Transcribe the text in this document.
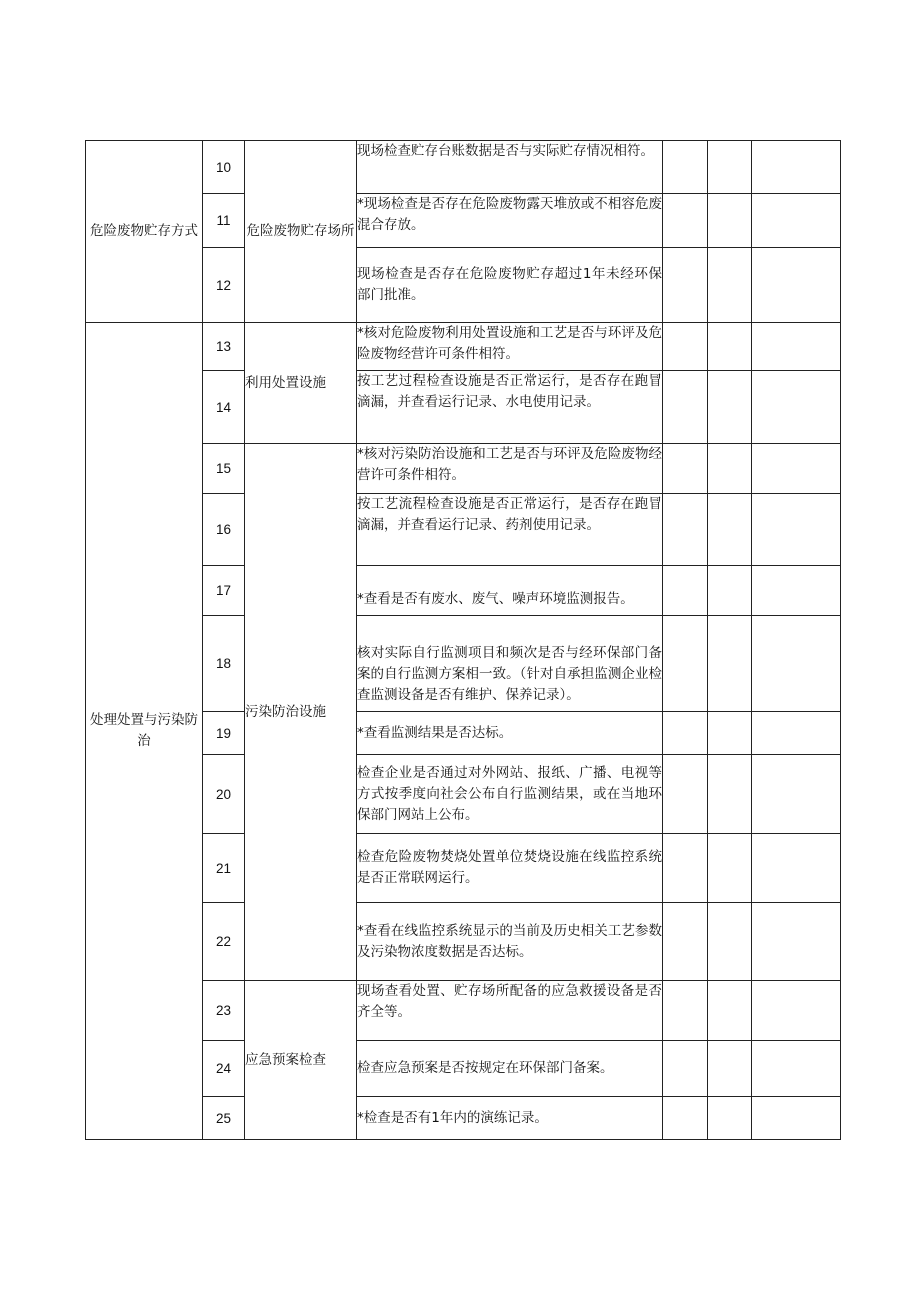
危险废物贮存方式	10	危险废物贮存场所	现场检查贮存台账数据是否与实际贮存情况相符。			
	11		*现场检查是否存在危险废物露天堆放或不相容危废混合存放。			
	12		现场检查是否存在危险废物贮存超过1年未经环保部门批准。			
处理处置与污染防治	13	利用处置设施	*核对危险废物利用处置设施和工艺是否与环评及危险废物经营许可条件相符。			
	14		按工艺过程检查设施是否正常运行，是否存在跑冒滴漏，并查看运行记录、水电使用记录。			
	15	污染防治设施	*核对污染防治设施和工艺是否与环评及危险废物经营许可条件相符。			
	16		按工艺流程检查设施是否正常运行，是否存在跑冒滴漏，并查看运行记录、药剂使用记录。			
	17		*查看是否有废水、废气、噪声环境监测报告。			
	18		核对实际自行监测项目和频次是否与经环保部门备案的自行监测方案相一致。（针对自承担监测企业检查监测设备是否有维护、保养记录）。			
	19		*查看监测结果是否达标。			
	20		检查企业是否通过对外网站、报纸、广播、电视等方式按季度向社会公布自行监测结果，或在当地环保部门网站上公布。			
	21		检查危险废物焚烧处置单位焚烧设施在线监控系统是否正常联网运行。			
	22		*查看在线监控系统显示的当前及历史相关工艺参数及污染物浓度数据是否达标。			
	23	应急预案检查	现场查看处置、贮存场所配备的应急救援设备是否齐全等。			
	24		检查应急预案是否按规定在环保部门备案。			
	25		*检查是否有1年内的演练记录。			
